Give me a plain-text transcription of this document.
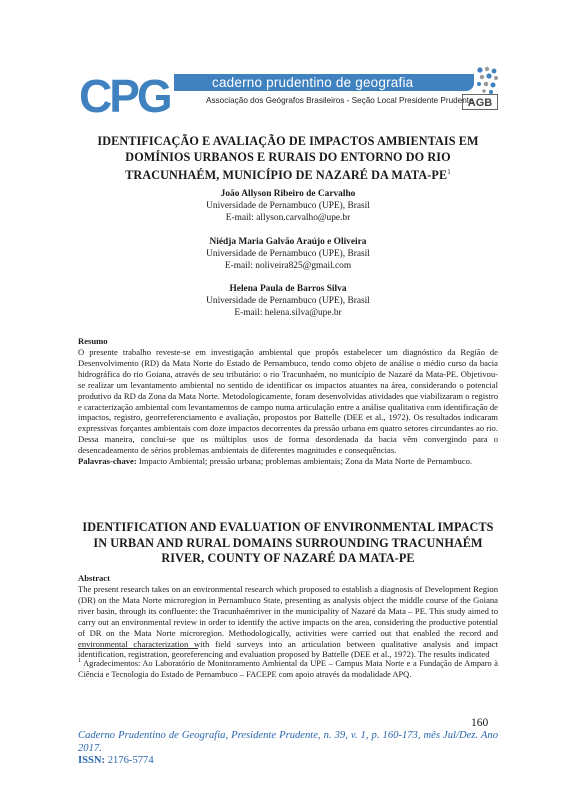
CPG	caderno prudentino de geografia
Associação dos Geógrafos Brasileiros - Seção Local Presidente Prudente
AGB
IDENTIFICAÇÃO E AVALIAÇÃO DE IMPACTOS AMBIENTAIS EM DOMÍNIOS URBANOS E RURAIS DO ENTORNO DO RIO TRACUNHAÉM, MUNICÍPIO DE NAZARÉ DA MATA-$PE^1$
João Allyson Ribeiro de Carvalho
Universidade de Pernambuco (UPE), Brasil
E-mail: allyson.carvalho@upe.br
Niédja Maria Galvão Araújo e Oliveira
Universidade de Pernambuco (UPE), Brasil
E-mail: noliveira825@gmail.com
Helena Paula de Barros Silva
Universidade de Pernambuco (UPE), Brasil
E-mail: helena.silva@upe.br
Resumo
O presente trabalho reveste-se em investigação ambiental que propôs estabelecer um diagnóstico da Região de Desenvolvimento (RD) da Mata Norte do Estado de Pernambuco, tendo como objeto de análise o médio curso da bacia hidrográfica do rio Goiana, através de seu tributário: o rio Tracunhaém, no município de Nazaré da Mata-PE. Objetivou-se realizar um levantamento ambiental no sentido de identificar os impactos atuantes na área, considerando o potencial produtivo da RD da Zona da Mata Norte. Metodologicamente, foram desenvolvidas atividades que viabilizaram o registro e caracterização ambiental com levantamentos de campo numa articulação entre a análise qualitativa com identificação de impactos, registro, georreferenciamento e avaliação, propostos por Battelle (DEE et al., 1972). Os resultados indicaram expressivas forçantes ambientais com doze impactos decorrentes da pressão urbana em quatro setores circundantes ao rio. Dessa maneira, conclui-se que os múltiplos usos de forma desordenada da bacia vêm convergindo para o desencadeamento de sérios problemas ambientais de diferentes magnitudes e consequências.
Palavras-chave: Impacto Ambiental; pressão urbana; problemas ambientais; Zona da Mata Norte de Pernambuco.
IDENTIFICATION AND EVALUATION OF ENVIRONMENTAL IMPACTS IN URBAN AND RURAL DOMAINS SURROUNDING TRACUNHAÉM RIVER, COUNTY OF NAZARÉ DA MATA-PE
Abstract
The present research takes on an environmental research which proposed to establish a diagnosis of Development Region (DR) on the Mata Norte microregion in Pernambuco State, presenting as analysis object the middle course of the Goiana river basin, through its confluente: the Tracunhaémriver in the municipality of Nazaré da Mata – PE. This study aimed to carry out an environmental review in order to identify the active impacts on the area, considering the productive potential of DR on the Mata Norte microregion. Methodologically, activities were carried out that enabled the record and environmental characterization with field surveys into an articulation between qualitative analysis and impact identification, registration, georeferencing and evaluation proposed by Battelle (DEE et al., 1972). The results indicated
$^1$ Agradecimentos: Ao Laboratório de Monitoramento Ambiental da UPE – Campus Mata Norte e a Fundação de Amparo à Ciência e Tecnologia do Estado de Pernambuco – FACEPE com apoio através da modalidade APQ.
160
Caderno Prudentino de Geografia, Presidente Prudente, n. 39, v. 1, p. 160-173, mês Jul/Dez. Ano 2017.
ISSN: 2176-5774
